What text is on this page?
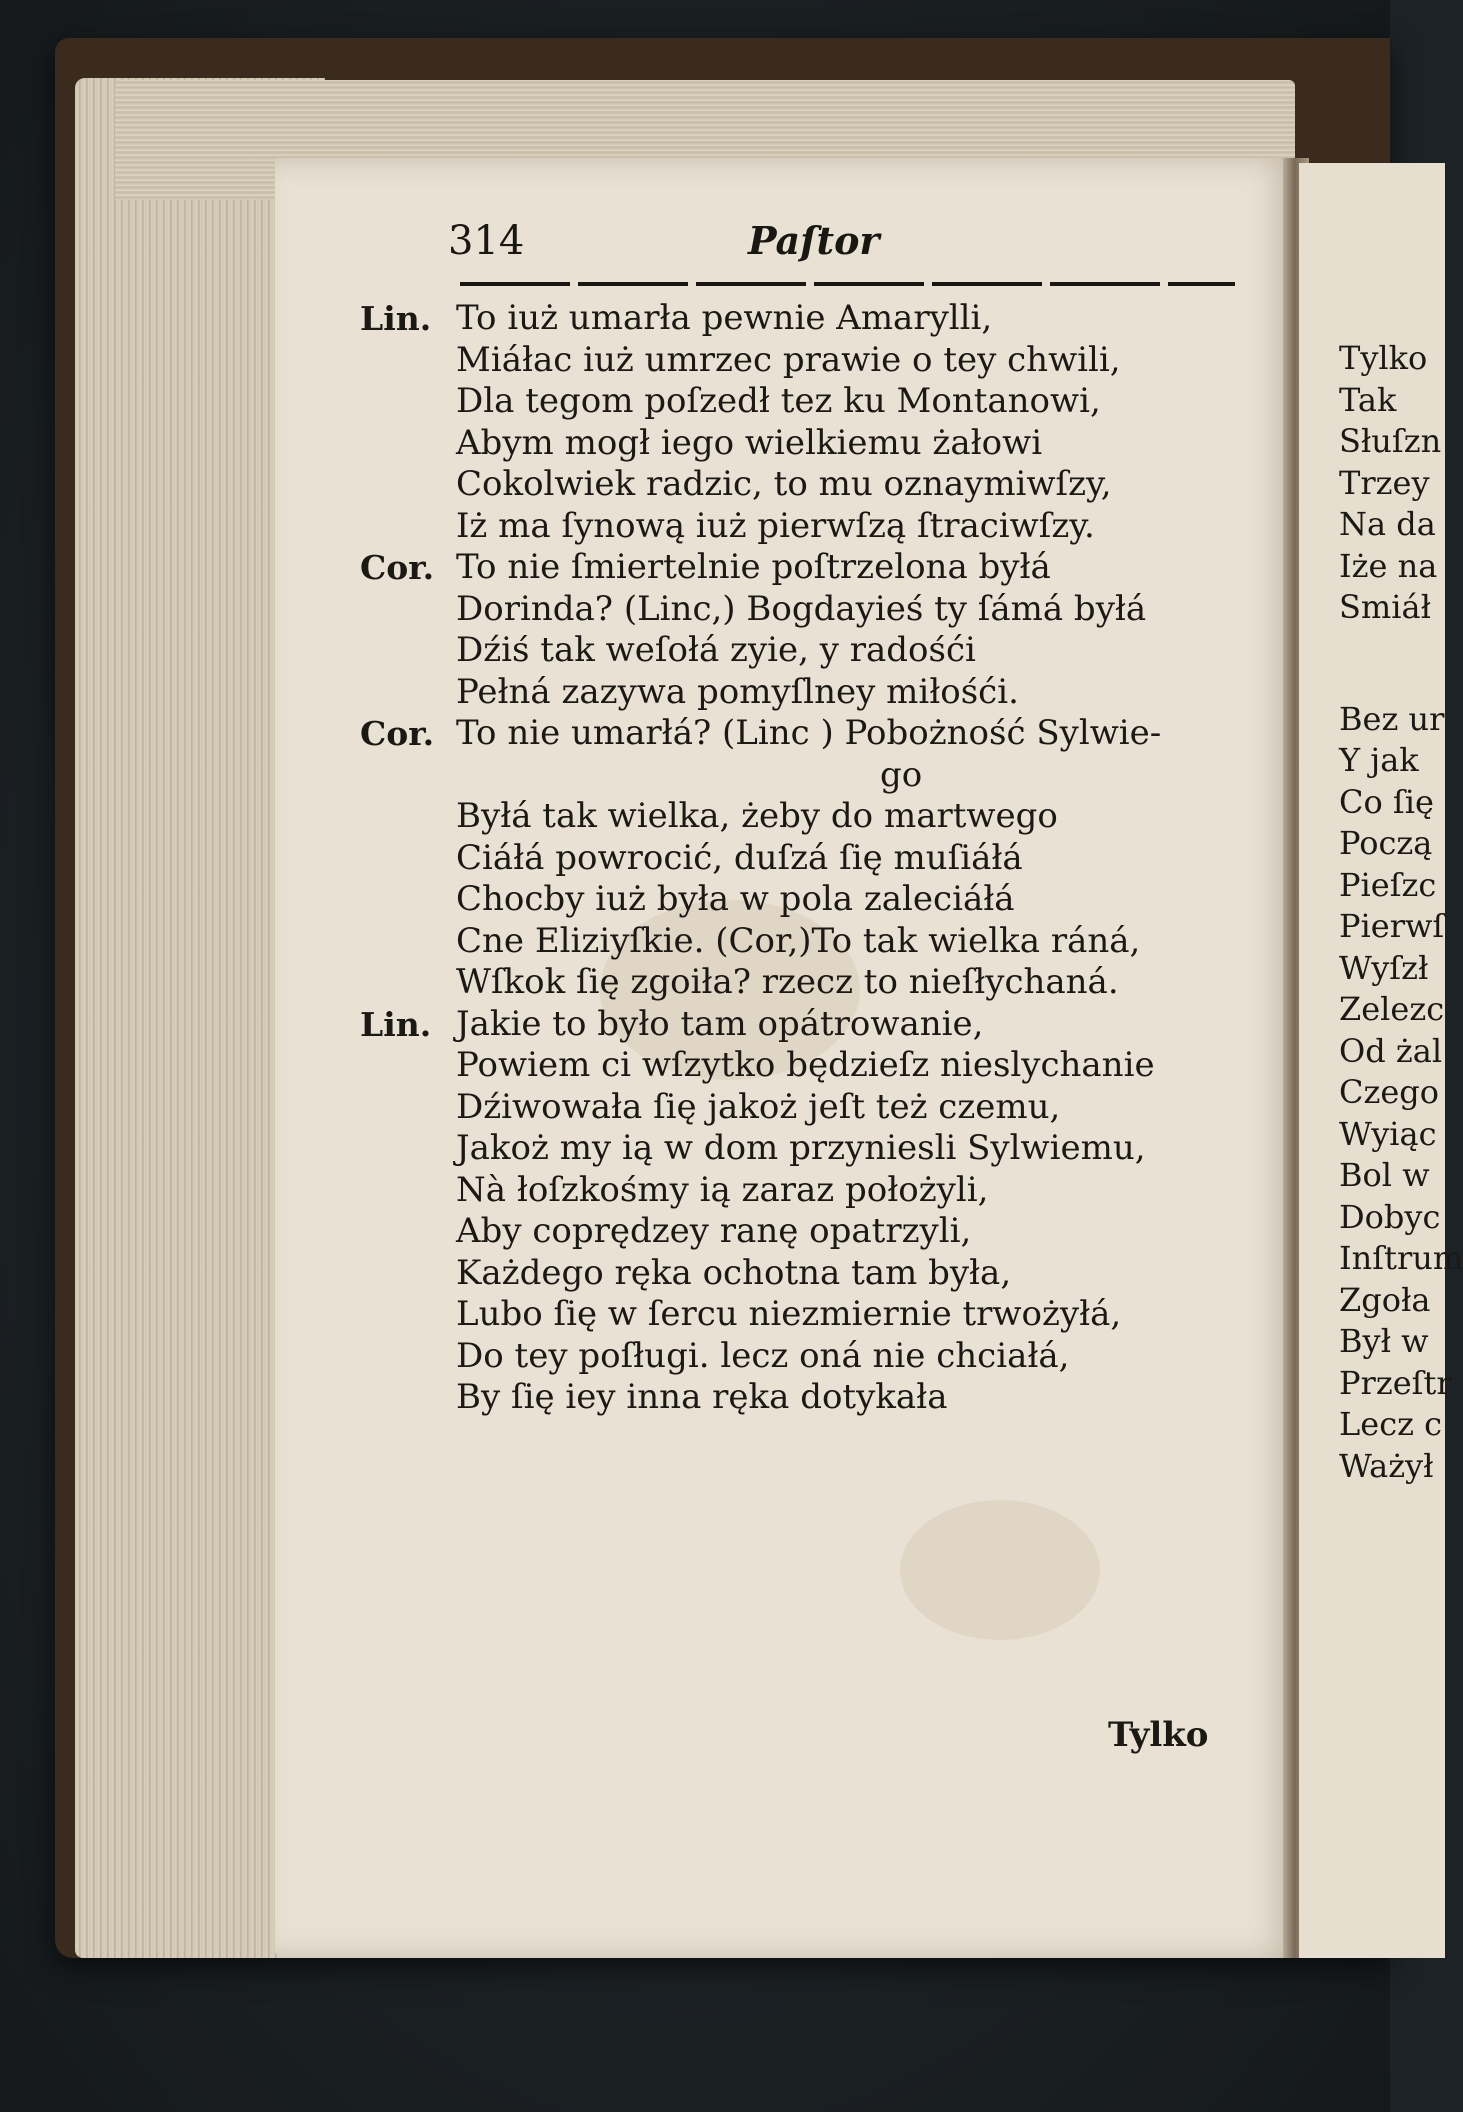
Tylko
Tak
Słuſzn
Trzey
Na da
Iże na
Smiáł
Bez ur
Y jak
Co ſię
Począ
Pieſzc
Pierwſ
Wyſzł
Zelezc
Od żal
Czego
Wyiąc
Bol w
Dobyc
Inſtrum
Zgoła
Był w
Przeſtr
Lecz c
Ważył
314	Paſtor
Lin. To iuż umarła pewnie Amarylli,
Miáłac iuż umrzec prawie o tey chwili,
Dla tegom poſzedł tez ku Montanowi,
Abym mogł iego wielkiemu żałowi
Cokolwiek radzic, to mu oznaymiwſzy,
Iż ma ſynową iuż pierwſzą ſtraciwſzy.
Cor. To nie ſmiertelnie poſtrzelona byłá
Dorinda? (Linc,) Bogdayieś ty ſámá byłá
Dźiś tak weſołá zyie, y radośći
Pełná zazywa pomyſlney miłośći.
Cor. To nie umarłá? (Linc ) Pobożność Sylwie-
go
Byłá tak wielka, żeby do martwego
Ciáłá powrocić, duſzá ſię muſiáłá
Chocby iuż była w pola zaleciáłá
Cne Eliziyſkie. (Cor,)To tak wielka ráná,
Wſkok ſię zgoiła? rzecz to nieſłychaná.
Lin. Jakie to było tam opátrowanie,
Powiem ci wſzytko będzieſz nieslychanie
Dźiwowała ſię jakoż jeſt też czemu,
Jakoż my ią w dom przyniesli Sylwiemu,
Nà łoſzkośmy ią zaraz położyli,
Aby coprędzey ranę opatrzyli,
Każdego ręka ochotna tam była,
Lubo ſię w ſercu niezmiernie trwożyłá,
Do tey poſługi. lecz oná nie chciałá,
By ſię iey inna ręka dotykała
Tylko
